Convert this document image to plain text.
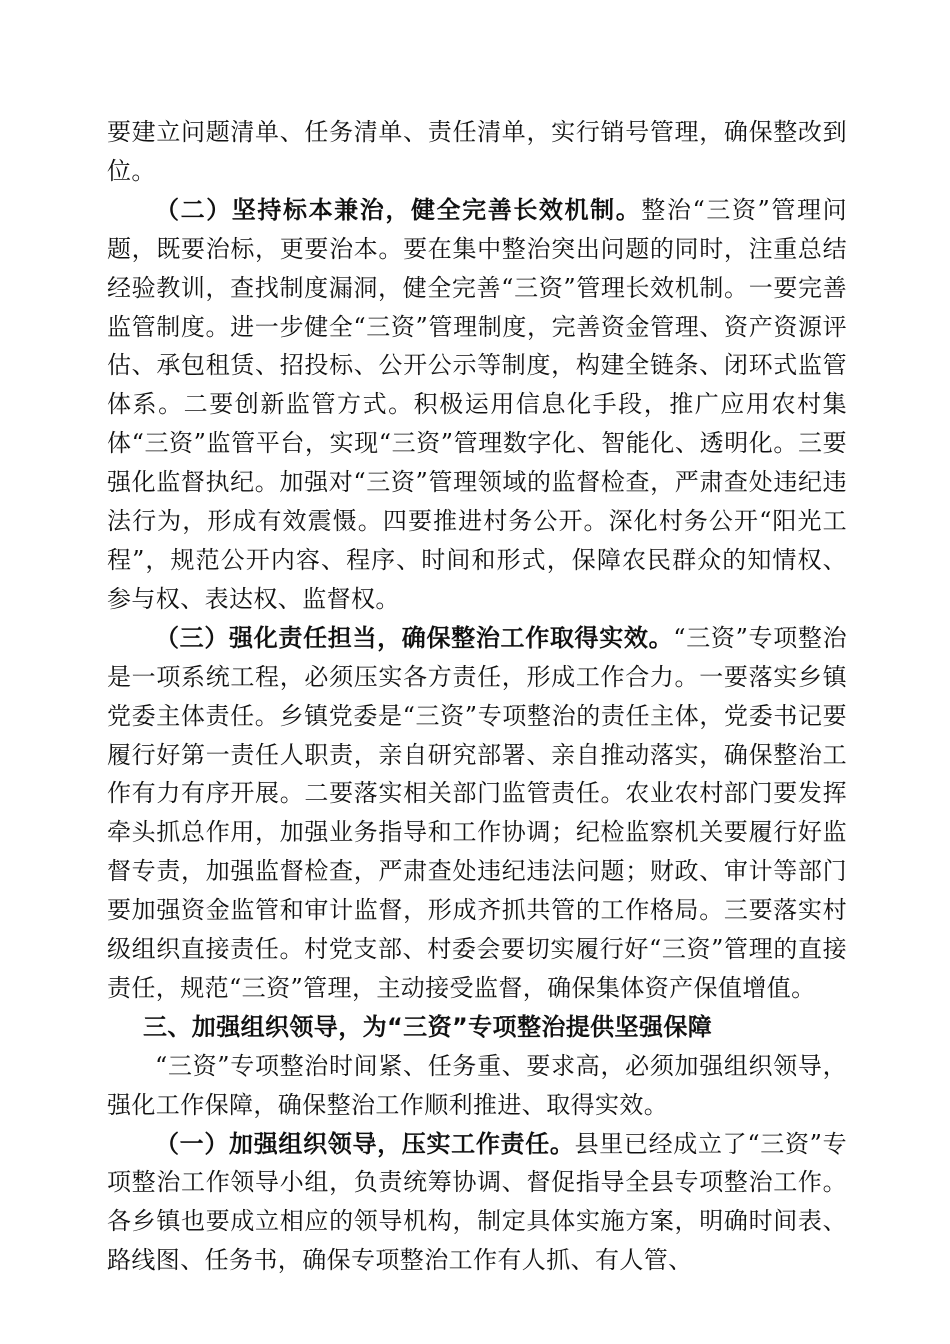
要建立问题清单、任务清单、责任清单，实行销号管理，确保整改到位。

（二）坚持标本兼治，健全完善长效机制。整治“三资”管理问题，既要治标，更要治本。要在集中整治突出问题的同时，注重总结经验教训，查找制度漏洞，健全完善“三资”管理长效机制。一要完善监管制度。进一步健全“三资”管理制度，完善资金管理、资产资源评估、承包租赁、招投标、公开公示等制度，构建全链条、闭环式监管体系。二要创新监管方式。积极运用信息化手段，推广应用农村集体“三资”监管平台，实现“三资”管理数字化、智能化、透明化。三要强化监督执纪。加强对“三资”管理领域的监督检查，严肃查处违纪违法行为，形成有效震慑。四要推进村务公开。深化村务公开“阳光工程”，规范公开内容、程序、时间和形式，保障农民群众的知情权、参与权、表达权、监督权。

（三）强化责任担当，确保整治工作取得实效。“三资”专项整治是一项系统工程，必须压实各方责任，形成工作合力。一要落实乡镇党委主体责任。乡镇党委是“三资”专项整治的责任主体，党委书记要履行好第一责任人职责，亲自研究部署、亲自推动落实，确保整治工作有力有序开展。二要落实相关部门监管责任。农业农村部门要发挥牵头抓总作用，加强业务指导和工作协调；纪检监察机关要履行好监督专责，加强监督检查，严肃查处违纪违法问题；财政、审计等部门要加强资金监管和审计监督，形成齐抓共管的工作格局。三要落实村级组织直接责任。村党支部、村委会要切实履行好“三资”管理的直接责任，规范“三资”管理，主动接受监督，确保集体资产保值增值。

三、加强组织领导，为“三资”专项整治提供坚强保障

“三资”专项整治时间紧、任务重、要求高，必须加强组织领导，强化工作保障，确保整治工作顺利推进、取得实效。

（一）加强组织领导，压实工作责任。县里已经成立了“三资”专项整治工作领导小组，负责统筹协调、督促指导全县专项整治工作。各乡镇也要成立相应的领导机构，制定具体实施方案，明确时间表、路线图、任务书，确保专项整治工作有人抓、有人管、
